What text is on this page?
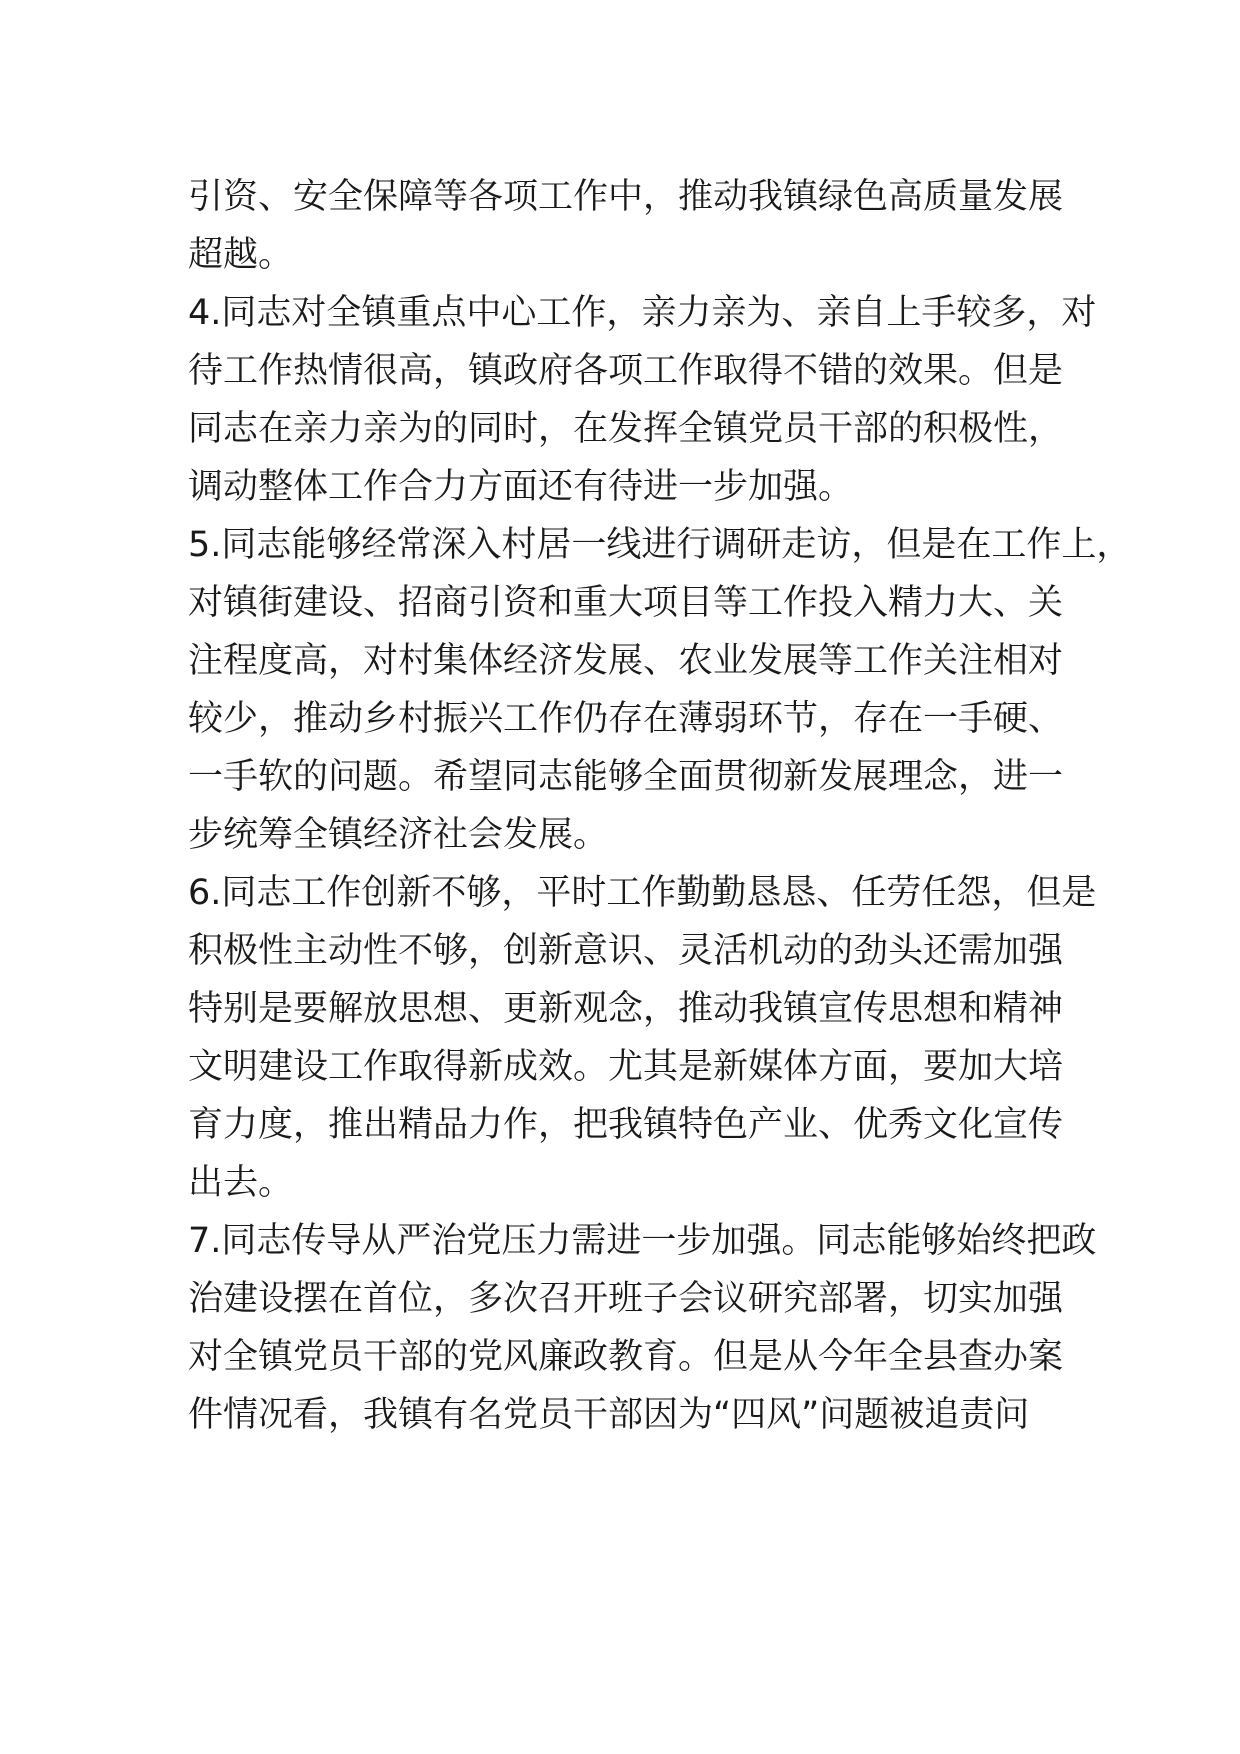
引资、安全保障等各项工作中，推动我镇绿色高质量发展
超越。
4.同志对全镇重点中心工作，亲力亲为、亲自上手较多，对
待工作热情很高，镇政府各项工作取得不错的效果。但是
同志在亲力亲为的同时，在发挥全镇党员干部的积极性，
调动整体工作合力方面还有待进一步加强。
5.同志能够经常深入村居一线进行调研走访，但是在工作上，
对镇街建设、招商引资和重大项目等工作投入精力大、关
注程度高，对村集体经济发展、农业发展等工作关注相对
较少，推动乡村振兴工作仍存在薄弱环节，存在一手硬、
一手软的问题。希望同志能够全面贯彻新发展理念，进一
步统筹全镇经济社会发展。
6.同志工作创新不够，平时工作勤勤恳恳、任劳任怨，但是
积极性主动性不够，创新意识、灵活机动的劲头还需加强
特别是要解放思想、更新观念，推动我镇宣传思想和精神
文明建设工作取得新成效。尤其是新媒体方面，要加大培
育力度，推出精品力作，把我镇特色产业、优秀文化宣传
出去。
7.同志传导从严治党压力需进一步加强。同志能够始终把政
治建设摆在首位，多次召开班子会议研究部署，切实加强
对全镇党员干部的党风廉政教育。但是从今年全县查办案
件情况看，我镇有名党员干部因为“四风”问题被追责问
